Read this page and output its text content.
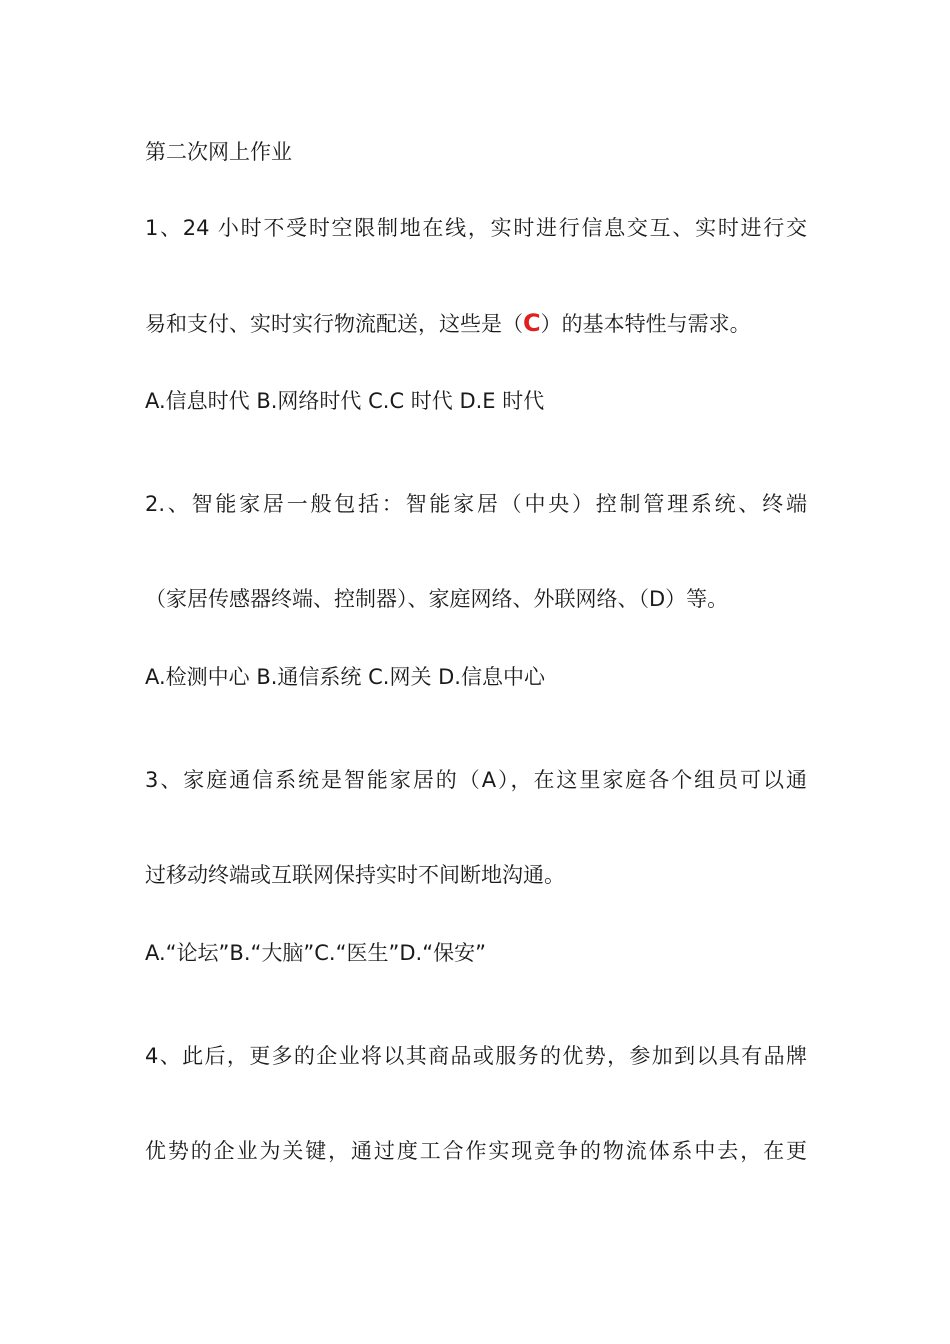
第二次网上作业
1、24 小时不受时空限制地在线，实时进行信息交互、实时进行交
易和支付、实时实行物流配送，这些是（C）的基本特性与需求。
A.信息时代 B.网络时代 C.C 时代 D.E 时代
2.、智能家居一般包括：智能家居（中央）控制管理系统、终端
（家居传感器终端、控制器）、家庭网络、外联网络、（D）等。
A.检测中心 B.通信系统 C.网关 D.信息中心
3、家庭通信系统是智能家居的（A），在这里家庭各个组员可以通
过移动终端或互联网保持实时不间断地沟通。
A.“论坛”B.“大脑”C.“医生”D.“保安”
4、此后，更多的企业将以其商品或服务的优势，参加到以具有品牌
优势的企业为关键，通过度工合作实现竞争的物流体系中去，在更
